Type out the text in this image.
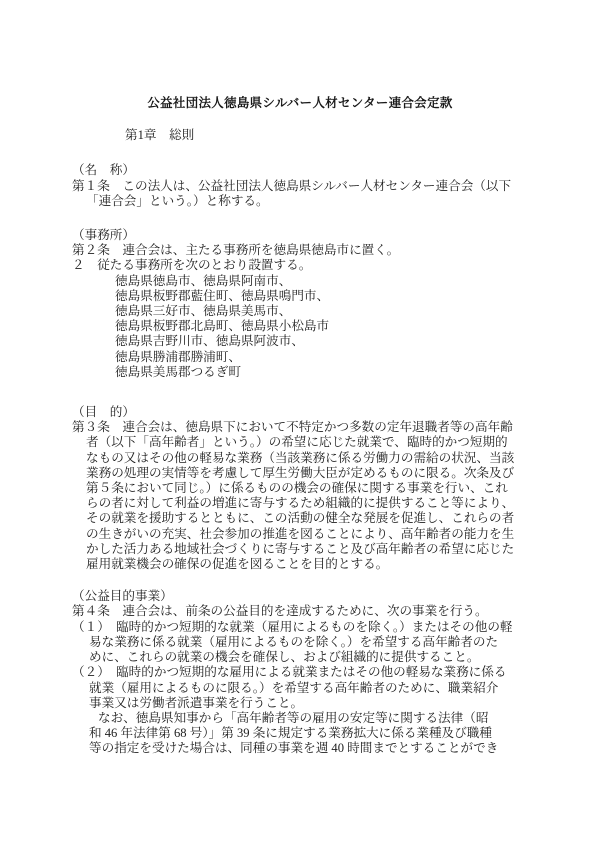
公益社団法人徳島県シルバー人材センター連合会定款
第1章　総則
（名　称）
第１条　この法人は、公益社団法人徳島県シルバー人材センター連合会（以下
「連合会」という。）と称する。
（事務所）
第２条　連合会は、主たる事務所を徳島県徳島市に置く。
２　従たる事務所を次のとおり設置する。
徳島県徳島市、徳島県阿南市、
徳島県板野郡藍住町、徳島県鳴門市、
徳島県三好市、徳島県美馬市、
徳島県板野郡北島町、徳島県小松島市
徳島県吉野川市、徳島県阿波市、
徳島県勝浦郡勝浦町、
徳島県美馬郡つるぎ町
（目　的）
第３条　連合会は、徳島県下において不特定かつ多数の定年退職者等の高年齢
者（以下「高年齢者」という。）の希望に応じた就業で、臨時的かつ短期的
なもの又はその他の軽易な業務（当該業務に係る労働力の需給の状況、当該
業務の処理の実情等を考慮して厚生労働大臣が定めるものに限る。次条及び
第５条において同じ。）に係るものの機会の確保に関する事業を行い、これ
らの者に対して利益の増進に寄与するため組織的に提供すること等により、
その就業を援助するとともに、この活動の健全な発展を促進し、これらの者
の生きがいの充実、社会参加の推進を図ることにより、高年齢者の能力を生
かした活力ある地域社会づくりに寄与すること及び高年齢者の希望に応じた
雇用就業機会の確保の促進を図ることを目的とする。
（公益目的事業）
第４条　連合会は、前条の公益目的を達成するために、次の事業を行う。
（１）　臨時的かつ短期的な就業（雇用によるものを除く。）またはその他の軽
易な業務に係る就業（雇用によるものを除く。）を希望する高年齢者のた
めに、これらの就業の機会を確保し、および組織的に提供すること。
（２）　臨時的かつ短期的な雇用による就業またはその他の軽易な業務に係る
就業（雇用によるものに限る。）を希望する高年齢者のために、職業紹介
事業又は労働者派遣事業を行うこと。
なお、徳島県知事から「高年齢者等の雇用の安定等に関する法律（昭
和 46 年法律第 68 号）」第 39 条に規定する業務拡大に係る業種及び職種
等の指定を受けた場合は、同種の事業を週 40 時間までとすることができ
